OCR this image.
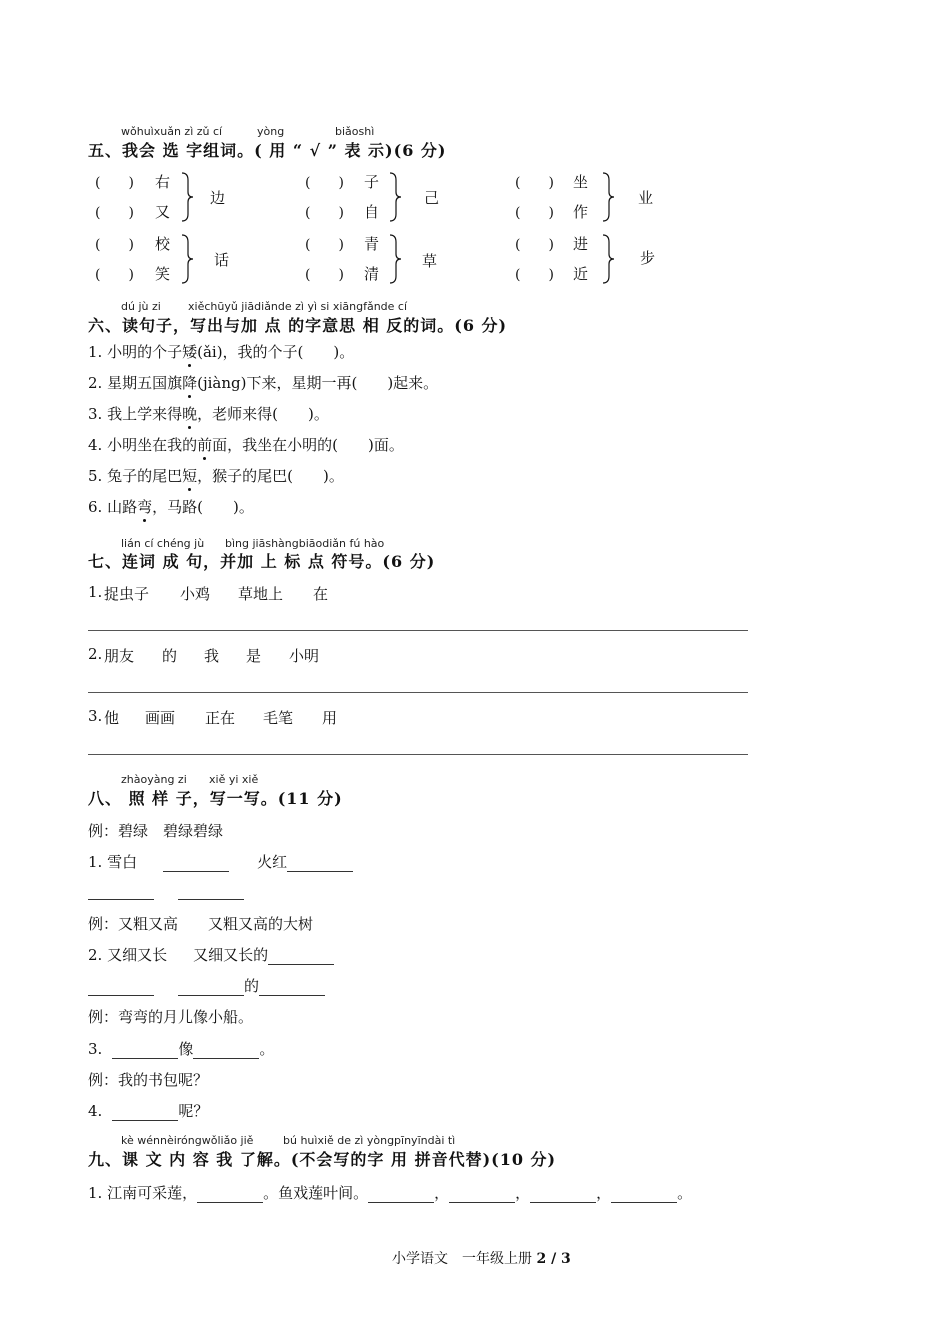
wǒhuìxuǎn zì zǔ cí	yòng	biǎoshì
五、我会 选 字组词。( 用 “ √ ” 表 示)(6 分)
(　　) 右
(　　) 又
边
(　　) 子
(　　) 自
己
(　　) 坐
(　　) 作
业
(　　) 校
(　　) 笑
话
(　　) 青
(　　) 清
草
(　　) 进
(　　) 近
步
dú jù zi xiěchūyǔ jiādiǎnde zì yì si xiāngfǎnde cí
六、读句子，写出与加 点 的字意思 相 反的词。(6 分)
1. 小明的个子矮(ǎi)，我的个子(　　)。
2. 星期五国旗降(jiàng)下来，星期一再(　　)起来。
3. 我上学来得晚，老师来得(　　)。
4. 小明坐在我的前面，我坐在小明的(　　)面。
5. 兔子的尾巴短，猴子的尾巴(　　)。
6. 山路弯，马路(　　)。
lián cí chéng jù bìng jiāshàngbiāodiǎn fú hào
七、连词 成 句，并加 上 标 点 符号。(6 分)
1. 捉虫子 小鸡 草地上 在
2. 朋友 的 我 是 小明
3. 他 画画 正在 毛笔 用
zhàoyàng zi xiě yi xiě
八、 照 样 子，写一写。(11 分)
例：碧绿　碧绿碧绿
1. 雪白	火红
例：又粗又高　　又粗又高的大树
2. 又细又长 又细又长的
的
例：弯弯的月儿像小船。
3.	像	。
例：我的书包呢？
4.	呢？
kè wénnèiróngwǒliǎo jiě	bú huìxiě de zì yòngpīnyīndài tì
九、课 文 内 容 我 了解。(不会写的字 用 拼音代替)(10 分)
1. 江南可采莲，	。鱼戏莲叶间。	，	，	，	。
小学语文　一年级上册 2 / 3
